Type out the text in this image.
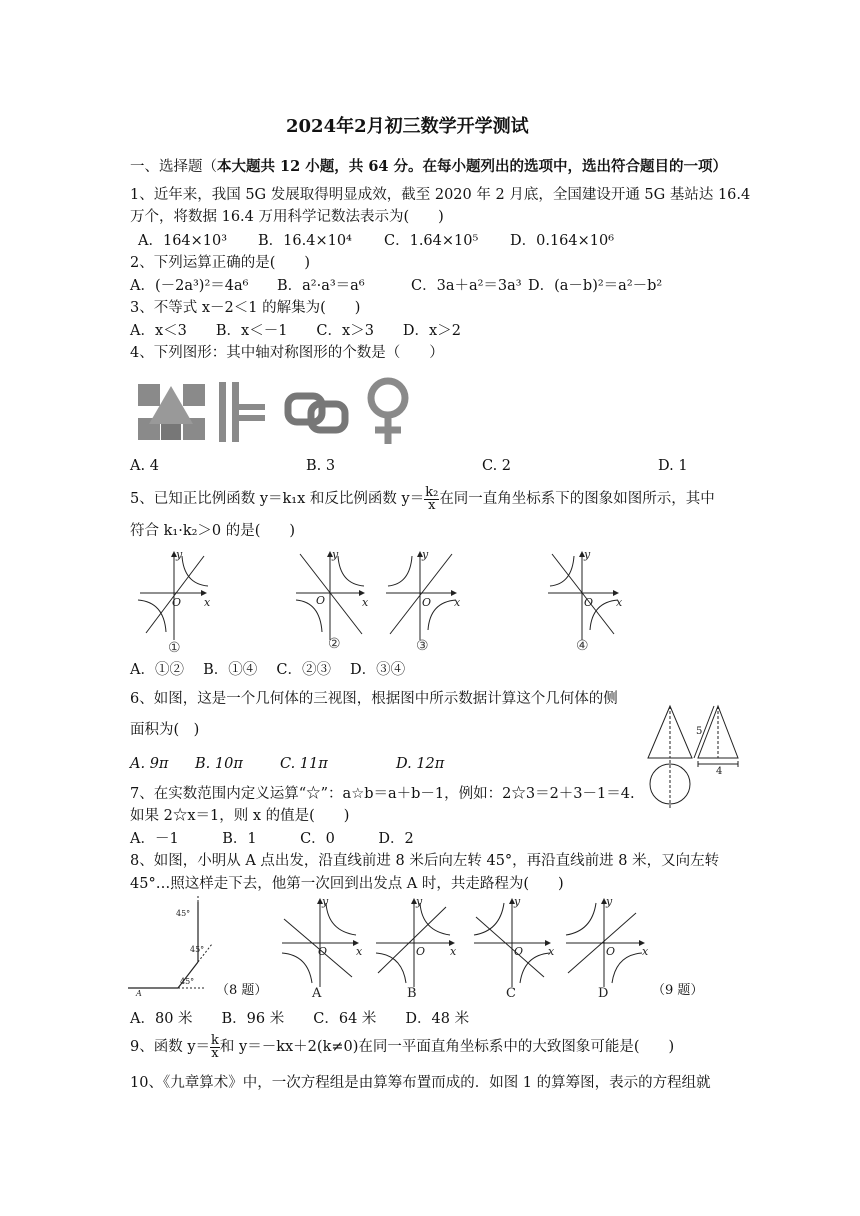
2024年2月初三数学开学测试
一、选择题（本大题共 12 小题，共 64 分。在每小题列出的选项中，选出符合题目的一项）
1、近年来，我国 5G 发展取得明显成效，截至 2020 年 2 月底，全国建设开通 5G 基站达 16.4
万个，将数据 16.4 万用科学记数法表示为(　　)
A．164×10³ B．16.4×10⁴ C．1.64×10⁵ D．0.164×10⁶
2、下列运算正确的是(　　)
A．(－2a³)²＝4a⁶ B．a²·a³＝a⁶	C．3a＋a²＝3a³ D．(a－b)²＝a²－b²
3、不等式 x－2＜1 的解集为(　　)
A．x＜3　　B．x＜－1　　C．x＞3　　D．x＞2
4、下列图形：其中轴对称图形的个数是（　　）
A. 4	B. 3	C. 2	D. 1
5、已知正比例函数 y＝k₁x 和反比例函数 $y= \frac{\text{k₂}}{x}$ 在同一直角坐标系下的图象如图所示，其中
符合 k₁·k₂＞0 的是(　　)
y
x
O
y
x
O
y
x
O
y
x
O
①	②	③	④
A．①②　 B．①④　 C．②③　 D．③④
6、如图，这是一个几何体的三视图，根据图中所示数据计算这个几何体的侧
面积为(　)
A. 9π B. 10π	C. 11π	D. 12π
5
4
7、在实数范围内定义运算“☆”：a☆b＝a＋b－1，例如：2☆3＝2＋3－1＝4.
如果 2☆x＝1，则 x 的值是(　　)
A．－1　　　B．1　　　C．0　　　D．2
8、如图，小明从 A 点出发，沿直线前进 8 米后向左转 45°，再沿直线前进 8 米，又向左转
45°…照这样走下去，他第一次回到出发点 A 时，共走路程为(　　)
45°
45°
45°
A	（8 题）
y
x
O
y
x
O
y
x
O
y
x
O
A	B	C	D	（9 题）
A．80 米　　B．96 米　　C．64 米　　D．48 米
9、函数 $y= \frac{k}{x}$ 和 y＝－kx＋2(k≠0)在同一平面直角坐标系中的大致图象可能是(　　)
10、《九章算术》中，一次方程组是由算筹布置而成的．如图 1 的算筹图，表示的方程组就
